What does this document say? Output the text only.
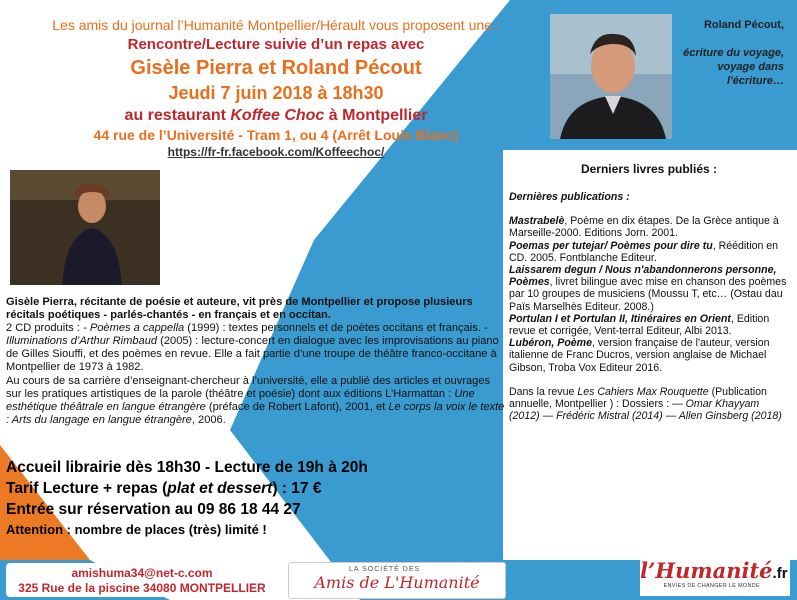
Les amis du journal l’Humanité Montpellier/Hérault vous proposent une :
Rencontre/Lecture suivie d’un repas avec
Gisèle Pierra et Roland Pécout
Jeudi 7 juin 2018 à 18h30
au restaurant Koffee Choc à Montpellier
44 rue de l’Université - Tram 1, ou 4 (Arrêt Louis Blanc)
https://fr-fr.facebook.com/Koffeechoc/
Roland Pécout,
écriture du voyage, voyage dans l'écriture…
Derniers livres publiés :

Dernières publications :

Mastrabelè, Poème en dix étapes. De la Grèce antique à Marseille-2000. Editions Jorn. 2001.

Poemas per tutejar/ Poèmes pour dire tu, Réédition en CD. 2005. Fontblanche Editeur.

Laissarem degun / Nous n'abandonnerons personne, Poèmes, livret bilingue avec mise en chanson des poèmes par 10 groupes de musiciens (Moussu T, etc… (Ostau dau Païs Marselhès Editeur. 2008.)

Portulan I et Portulan II, Itinéraires en Orient, Edition revue et corrigée, Vent-terral Editeur, Albi 2013.

Lubéron, Poème, version française de l'auteur, version italienne de Franc Ducros, version anglaise de Michael Gibson, Troba Vox Editeur 2016.

Dans la revue Les Cahiers Max Rouquette (Publication annuelle, Montpellier ) : Dossiers : — Omar Khayyam (2012) — Frédéric Mistral (2014) — Allen Ginsberg (2018)

Gisèle Pierra, récitante de poésie et auteure, vit près de Montpellier et propose plusieurs récitals poétiques - parlés-chantés - en français et en occitan.

2 CD produits : - Poèmes a cappella (1999) : textes personnels et de poètes occitans et français. - Illuminations d’Arthur Rimbaud (2005) : lecture-concert en dialogue avec les improvisations au piano de Gilles Siouffi, et des poèmes en revue. Elle a fait partie d’une troupe de théâtre franco-occitane à Montpellier de 1973 à 1982.

Au cours de sa carrière d’enseignant-chercheur à l’université, elle a publié des articles et ouvrages sur les pratiques artistiques de la parole (théâtre et poésie) dont aux éditions L’Harmattan : Une esthétique théâtrale en langue étrangère (préface de Robert Lafont), 2001, et Le corps la voix le texte : Arts du langage en langue étrangère, 2006.

Accueil librairie dès 18h30 - Lecture de 19h à 20h
Tarif Lecture + repas (plat et dessert) : 17 €
Entrée sur réservation au 09 86 18 44 27
Attention : nombre de places (très) limité !
amishuma34@net-c.com
325 Rue de la piscine 34080 MONTPELLIER
LA SOCIÉTÉ DES
Amis de L'Humanité	l’Humanité.fr
ENVIES DE CHANGER LE MONDE
